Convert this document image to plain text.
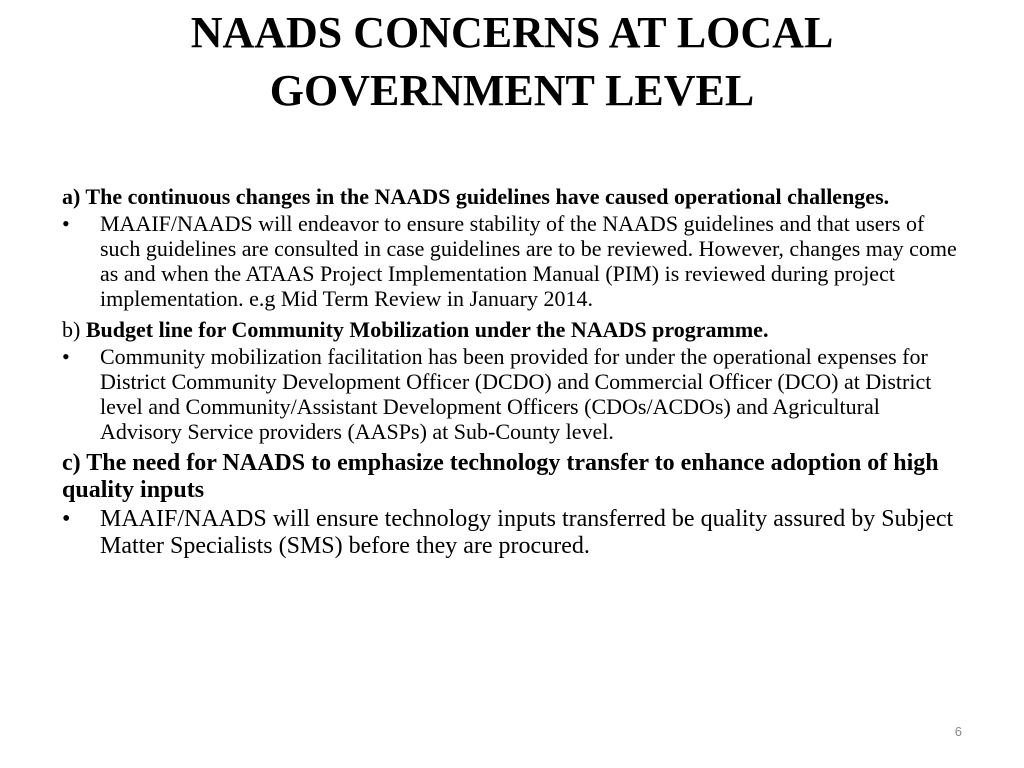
NAADS CONCERNS AT LOCAL
GOVERNMENT LEVEL
a) The continuous changes in the NAADS guidelines have caused operational challenges.
• MAAIF/NAADS will endeavor to ensure stability of the NAADS guidelines and that users of such guidelines are consulted in case guidelines are to be reviewed. However, changes may come as and when the ATAAS Project Implementation Manual (PIM) is reviewed during project implementation. e.g Mid Term Review in January 2014.
b) Budget line for Community Mobilization under the NAADS programme.
• Community mobilization facilitation has been provided for under the operational expenses for District Community Development Officer (DCDO) and Commercial Officer (DCO) at District level and Community/Assistant Development Officers (CDOs/ACDOs) and Agricultural Advisory Service providers (AASPs) at Sub-County level.
c) The need for NAADS to emphasize technology transfer to enhance adoption of high quality inputs
• MAAIF/NAADS will ensure technology inputs transferred be quality assured by Subject Matter Specialists (SMS) before they are procured.
6
